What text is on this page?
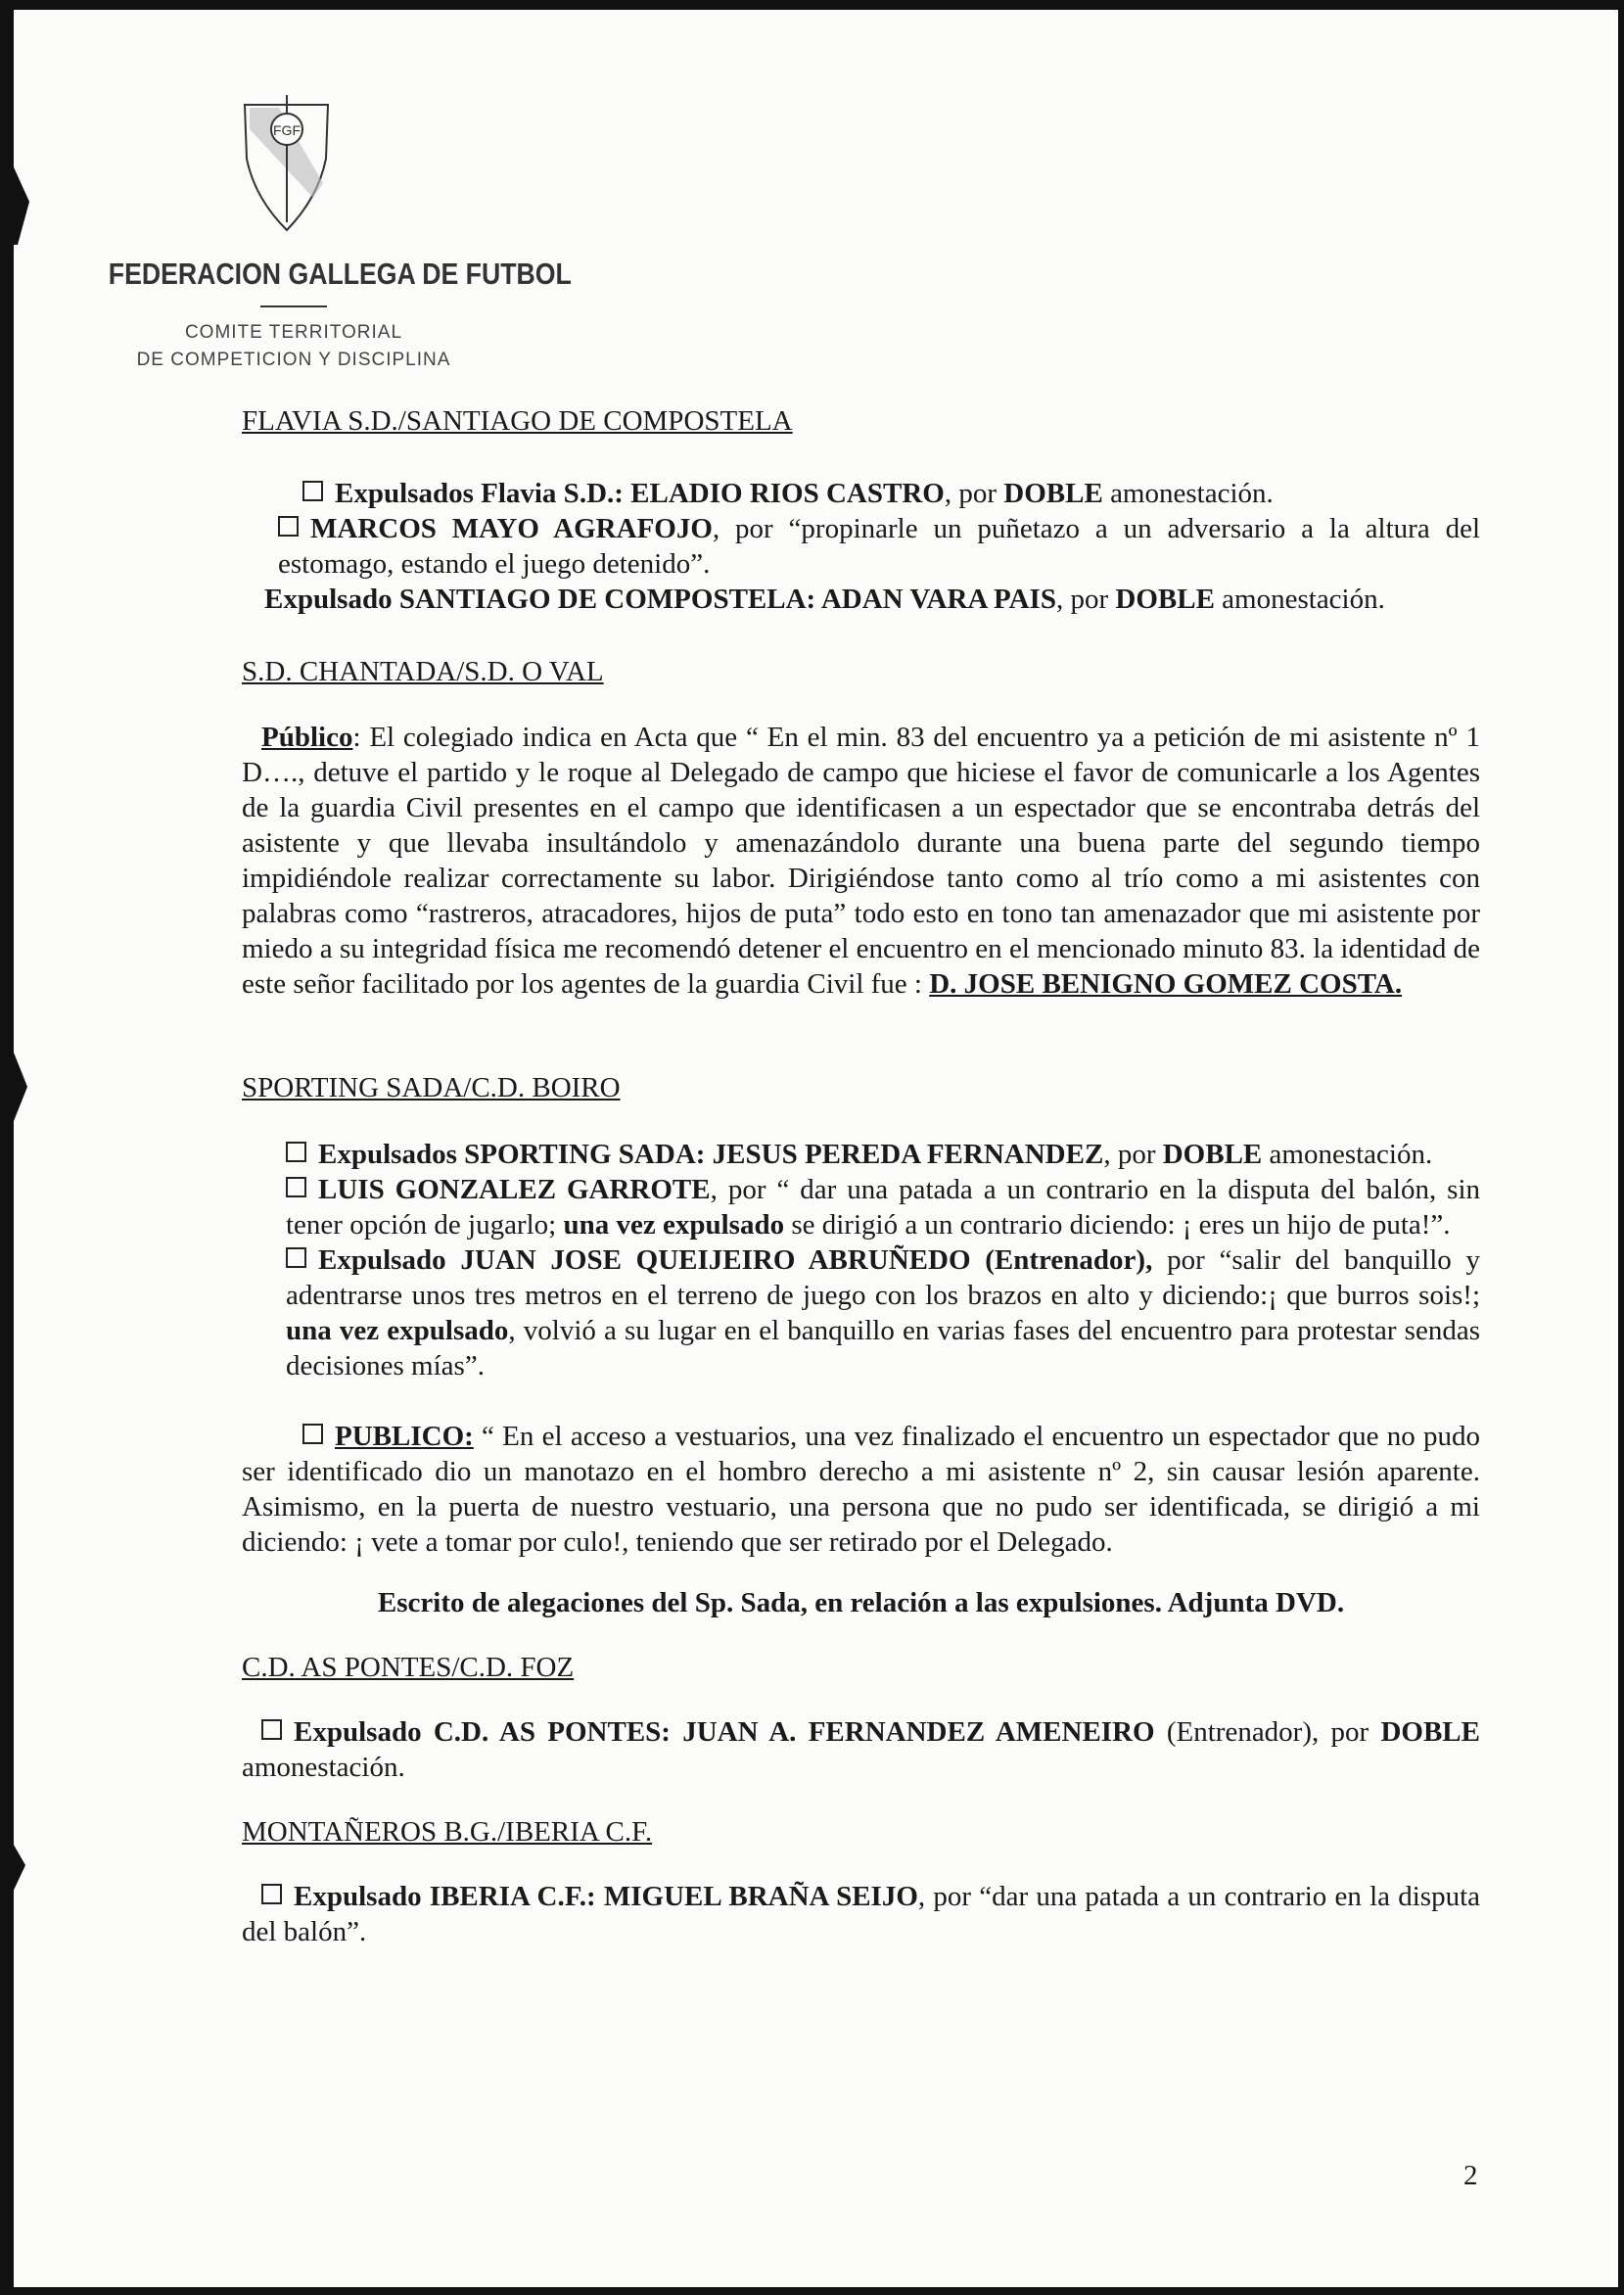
FGF
FEDERACION GALLEGA DE FUTBOL
COMITE TERRITORIAL
DE COMPETICION Y DISCIPLINA
FLAVIA S.D./SANTIAGO DE COMPOSTELA

Expulsados Flavia S.D.: ELADIO RIOS CASTRO, por DOBLE amonestación.

MARCOS MAYO AGRAFOJO, por “propinarle un puñetazo a un adversario a la altura del estomago, estando el juego detenido”.

Expulsado SANTIAGO DE COMPOSTELA: ADAN VARA PAIS, por DOBLE amonestación.

S.D. CHANTADA/S.D. O VAL

Público: El colegiado indica en Acta que “ En el min. 83 del encuentro ya a petición de mi asistente nº 1 D…., detuve el partido y le roque al Delegado de campo que hiciese el favor de comunicarle a los Agentes de la guardia Civil presentes en el campo que identificasen a un espectador que se encontraba detrás del asistente y que llevaba insultándolo y amenazándolo durante una buena parte del segundo tiempo impidiéndole realizar correctamente su labor. Dirigiéndose tanto como al trío como a mi asistentes con palabras como “rastreros, atracadores, hijos de puta” todo esto en tono tan amenazador que mi asistente por miedo a su integridad física me recomendó detener el encuentro en el mencionado minuto 83. la identidad de este señor facilitado por los agentes de la guardia Civil fue : D. JOSE BENIGNO GOMEZ COSTA.

SPORTING SADA/C.D. BOIRO

Expulsados SPORTING SADA: JESUS PEREDA FERNANDEZ, por DOBLE amonestación.

LUIS GONZALEZ GARROTE, por “ dar una patada a un contrario en la disputa del balón, sin tener opción de jugarlo; una vez expulsado se dirigió a un contrario diciendo: ¡ eres un hijo de puta!”.

Expulsado JUAN JOSE QUEIJEIRO ABRUÑEDO (Entrenador), por “salir del banquillo y adentrarse unos tres metros en el terreno de juego con los brazos en alto y diciendo:¡ que burros sois!; una vez expulsado, volvió a su lugar en el banquillo en varias fases del encuentro para protestar sendas decisiones mías”.

PUBLICO: “ En el acceso a vestuarios, una vez finalizado el encuentro un espectador que no pudo ser identificado dio un manotazo en el hombro derecho a mi asistente nº 2, sin causar lesión aparente. Asimismo, en la puerta de nuestro vestuario, una persona que no pudo ser identificada, se dirigió a mi diciendo: ¡ vete a tomar por culo!, teniendo que ser retirado por el Delegado.

Escrito de alegaciones del Sp. Sada, en relación a las expulsiones. Adjunta DVD.

C.D. AS PONTES/C.D. FOZ

Expulsado C.D. AS PONTES: JUAN A. FERNANDEZ AMENEIRO (Entrenador), por DOBLE amonestación.

MONTAÑEROS B.G./IBERIA C.F.

Expulsado IBERIA C.F.: MIGUEL BRAÑA SEIJO, por “dar una patada a un contrario en la disputa del balón”.

2
